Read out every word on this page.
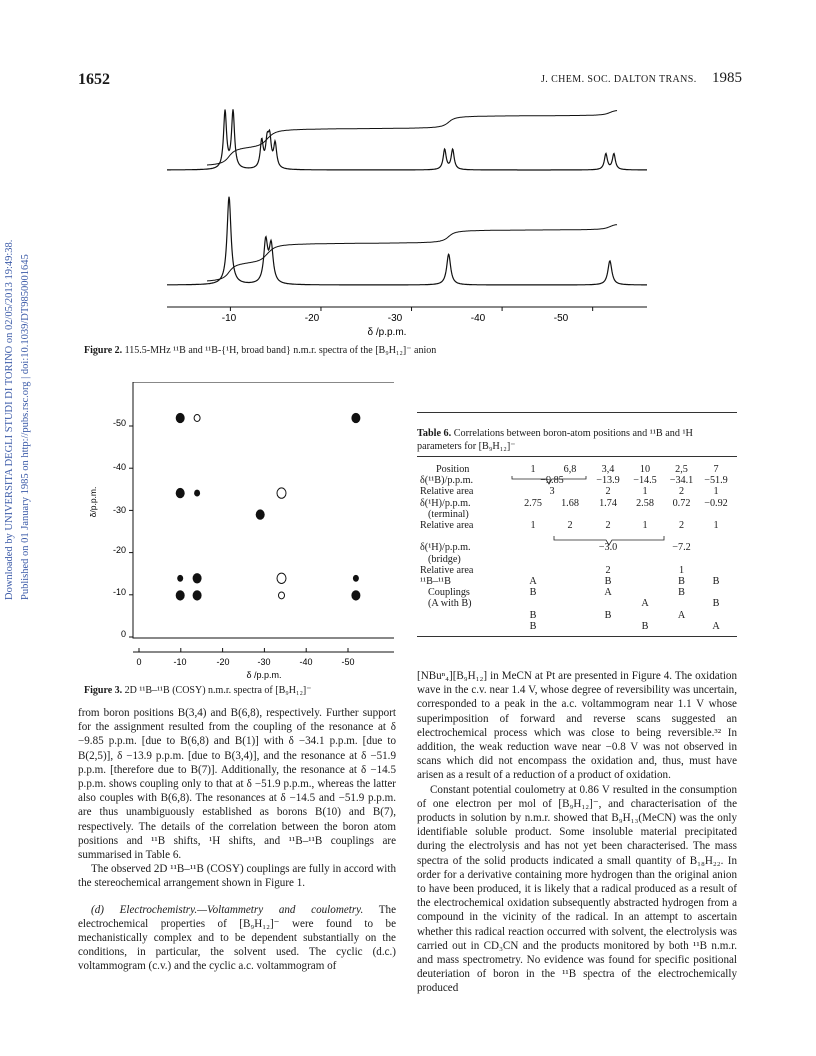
1652	J. CHEM. SOC. DALTON TRANS. 1985
Downloaded by UNIVERSITA DEGLI STUDI DI TORINO on 02/05/2013 19:49:38. Published on 01 January 1985 on http://pubs.rsc.org | doi:10.1039/DT9850001645	-10	-20	-30	-40	-50
δ /p.p.m.
Figure 2. 115.5-MHz ¹¹B and ¹¹B-{¹H, broad band} n.m.r. spectra of the [B₉H₁₂]⁻ anion
-50
-40
-30
-20
-10
0
δ/p.p.m.
0	-10	-20	-30	-40	-50
δ /p.p.m.
Figure 3. 2D ¹¹B–¹¹B (COSY) n.m.r. spectra of [B₉H₁₂]⁻
Table 6. Correlations between boron-atom positions and ¹¹B and ¹H parameters for [B₉H₁₂]⁻
Position	1	6,8	3,4	10	2,5	7
δ(¹¹B)/p.p.m.	−9.85		−13.9	−14.5	−34.1	−51.9
Relative area	3		2	1	2	1
δ(¹H)/p.p.m.	2.75	1.68	1.74	2.58	0.72	−0.92
(terminal)						
Relative area	1	2	2	1	2	1

δ(¹H)/p.p.m.			−3.0		−7.2	
(bridge)						
Relative area			2		1	
¹¹B–¹¹B	A		B		B	B
Couplings	B		A		B	
(A with B)				A		B
	B		B		A	
	B			B		A

from boron positions B(3,4) and B(6,8), respectively. Further support for the assignment resulted from the coupling of the resonance at δ −9.85 p.p.m. [due to B(6,8) and B(1)] with δ −34.1 p.p.m. [due to B(2,5)], δ −13.9 p.p.m. [due to B(3,4)], and the resonance at δ −51.9 p.p.m. [therefore due to B(7)]. Additionally, the resonance at δ −14.5 p.p.m. shows coupling only to that at δ −51.9 p.p.m., whereas the latter also couples with B(6,8). The resonances at δ −14.5 and −51.9 p.p.m. are thus unambiguously established as borons B(10) and B(7), respectively. The details of the correlation between the boron atom positions and ¹¹B shifts, ¹H shifts, and ¹¹B–¹¹B couplings are summarised in Table 6.

The observed 2D ¹¹B–¹¹B (COSY) couplings are fully in accord with the stereochemical arrangement shown in Figure 1.

(d) Electrochemistry.—Voltammetry and coulometry. The electrochemical properties of [B₉H₁₂]⁻ were found to be mechanistically complex and to be dependent substantially on the conditions, in particular, the solvent used. The cyclic (d.c.) voltammogram (c.v.) and the cyclic a.c. voltammogram of

[NBuⁿ₄][B₉H₁₂] in MeCN at Pt are presented in Figure 4. The oxidation wave in the c.v. near 1.4 V, whose degree of reversibility was uncertain, corresponded to a peak in the a.c. voltammogram near 1.1 V whose superimposition of forward and reverse scans suggested an electrochemical process which was close to being reversible.³² In addition, the weak reduction wave near −0.8 V was not observed in scans which did not encompass the oxidation and, thus, must have arisen as a result of a reduction of a product of oxidation.

Constant potential coulometry at 0.86 V resulted in the consumption of one electron per mol of [B₉H₁₂]⁻, and characterisation of the products in solution by n.m.r. showed that B₉H₁₃(MeCN) was the only identifiable soluble product. Some insoluble material precipitated during the electrolysis and has not yet been characterised. The mass spectra of the solid products indicated a small quantity of B₁₈H₂₂. In order for a derivative containing more hydrogen than the original anion to have been produced, it is likely that a radical produced as a result of the electrochemical oxidation subsequently abstracted hydrogen from a compound in the vicinity of the radical. In an attempt to ascertain whether this radical reaction occurred with solvent, the electrolysis was carried out in CD₃CN and the products monitored by both ¹¹B n.m.r. and mass spectrometry. No evidence was found for specific positional deuteriation of boron in the ¹¹B spectra of the electrochemically produced
